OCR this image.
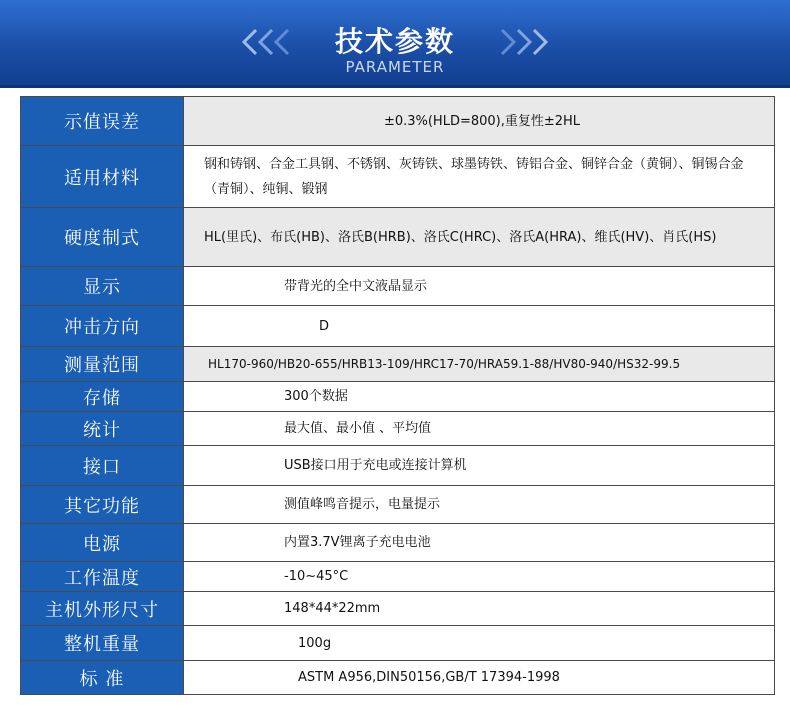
技术参数
PARAMETER
示值误差	±0.3%(HLD=800),重复性±2HL
适用材料	钢和铸钢、合金工具钢、不锈钢、灰铸铁、球墨铸铁、铸铝合金、铜锌合金（黄铜）、铜锡合金（青铜）、纯铜、锻钢
硬度制式	HL(里氏)、布氏(HB)、洛氏B(HRB)、洛氏C(HRC)、洛氏A(HRA)、维氏(HV)、肖氏(HS)
显示	带背光的全中文液晶显示
冲击方向	D
测量范围	HL170-960/HB20-655/HRB13-109/HRC17-70/HRA59.1-88/HV80-940/HS32-99.5
存储	300个数据
统计	最大值、最小值 、平均值
接口	USB接口用于充电或连接计算机
其它功能	测值峰鸣音提示，电量提示
电源	内置3.7V锂离子充电电池
工作温度	-10~45°C
主机外形尺寸	148*44*22mm
整机重量	100g
标 准	ASTM A956,DIN50156,GB/T 17394-1998
